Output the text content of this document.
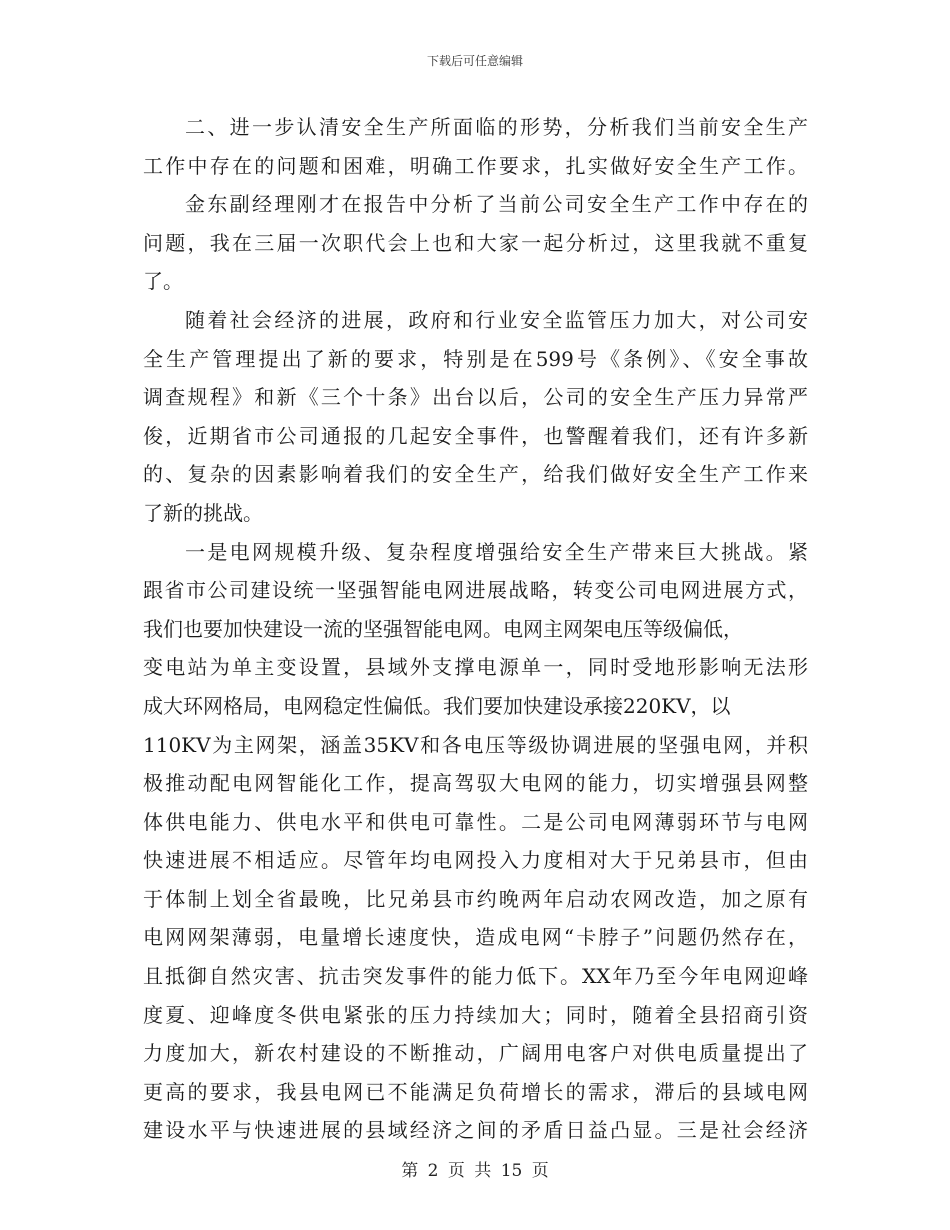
下载后可任意编辑
二、进一步认清安全生产所面临的形势，分析我们当前安全生产
工作中存在的问题和困难，明确工作要求，扎实做好安全生产工作。
金东副经理刚才在报告中分析了当前公司安全生产工作中存在的
问题，我在三届一次职代会上也和大家一起分析过，这里我就不重复
了。
随着社会经济的进展，政府和行业安全监管压力加大，对公司安
全生产管理提出了新的要求，特别是在599号《条例》、《安全事故
调查规程》和新《三个十条》出台以后，公司的安全生产压力异常严
俊，近期省市公司通报的几起安全事件，也警醒着我们，还有许多新
的、复杂的因素影响着我们的安全生产，给我们做好安全生产工作来
了新的挑战。
一是电网规模升级、复杂程度增强给安全生产带来巨大挑战。紧
跟省市公司建设统一坚强智能电网进展战略，转变公司电网进展方式，
我们也要加快建设一流的坚强智能电网。电网主网架电压等级偏低，
变电站为单主变设置，县域外支撑电源单一，同时受地形影响无法形
成大环网格局，电网稳定性偏低。我们要加快建设承接220KV，以
110KV为主网架，涵盖35KV和各电压等级协调进展的坚强电网，并积
极推动配电网智能化工作，提高驾驭大电网的能力，切实增强县网整
体供电能力、供电水平和供电可靠性。二是公司电网薄弱环节与电网
快速进展不相适应。尽管年均电网投入力度相对大于兄弟县市，但由
于体制上划全省最晚，比兄弟县市约晚两年启动农网改造，加之原有
电网网架薄弱，电量增长速度快，造成电网“卡脖子”问题仍然存在，
且抵御自然灾害、抗击突发事件的能力低下。XX年乃至今年电网迎峰
度夏、迎峰度冬供电紧张的压力持续加大；同时，随着全县招商引资
力度加大，新农村建设的不断推动，广阔用电客户对供电质量提出了
更高的要求，我县电网已不能满足负荷增长的需求，滞后的县域电网
建设水平与快速进展的县域经济之间的矛盾日益凸显。三是社会经济
第 2 页 共 15 页
